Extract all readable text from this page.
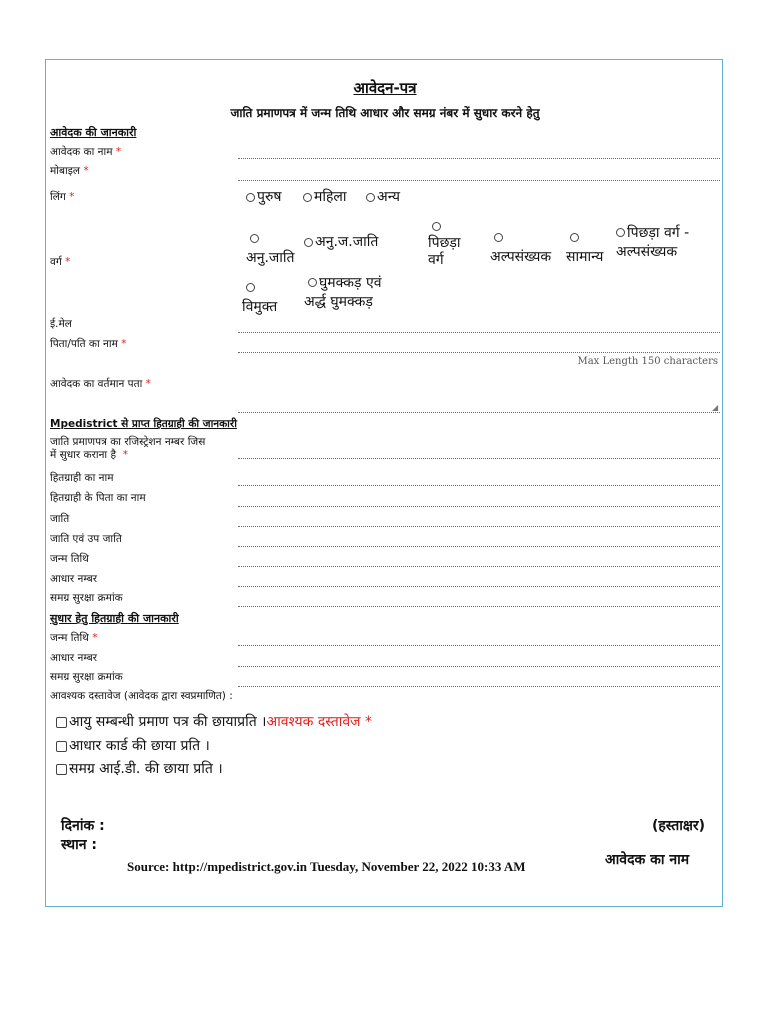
आवेदन-पत्र
जाति प्रमाणपत्र में जन्म तिथि आधार और समग्र नंबर में सुधार करने हेतु
आवेदक की जानकारी
आवेदक का नाम *
मोबाइल *
लिंग *	पुरुष	महिला	अन्य
वर्ग *	अनु.जाति
अनु.ज.जाति	पिछड़ा
वर्ग	अल्पसंख्यक सामान्य
पिछड़ा वर्ग -
अल्पसंख्यक

विमुक्त
घुमक्कड़ एवं
अर्द्ध घुमक्कड़
ई.मेल
पिता/पति का नाम *
Max Length 150 characters
आवेदक का वर्तमान पता *
◢
Mpedistrict से प्राप्त हितग्राही की जानकारी
जाति प्रमाणपत्र का रजिस्ट्रेशन नम्बर जिस
में सुधार कराना है *
हितग्राही का नाम
हितग्राही के पिता का नाम
जाति
जाति एवं उप जाति
जन्म तिथि
आधार नम्बर
समग्र सुरक्षा क्रमांक
सुधार हेतु हितग्राही की जानकारी
जन्म तिथि *
आधार नम्बर
समग्र सुरक्षा क्रमांक
आवश्यक दस्तावेज (आवेदक द्वारा स्वप्रमाणित) :
आयु सम्बन्धी प्रमाण पत्र की छायाप्रति ।आवश्यक दस्तावेज *
आधार कार्ड की छाया प्रति ।
समग्र आई.डी. की छाया प्रति ।
दिनांक :
स्थान :
(हस्ताक्षर)
Source: http://mpedistrict.gov.in Tuesday, November 22, 2022 10:33 AM	आवेदक का नाम
